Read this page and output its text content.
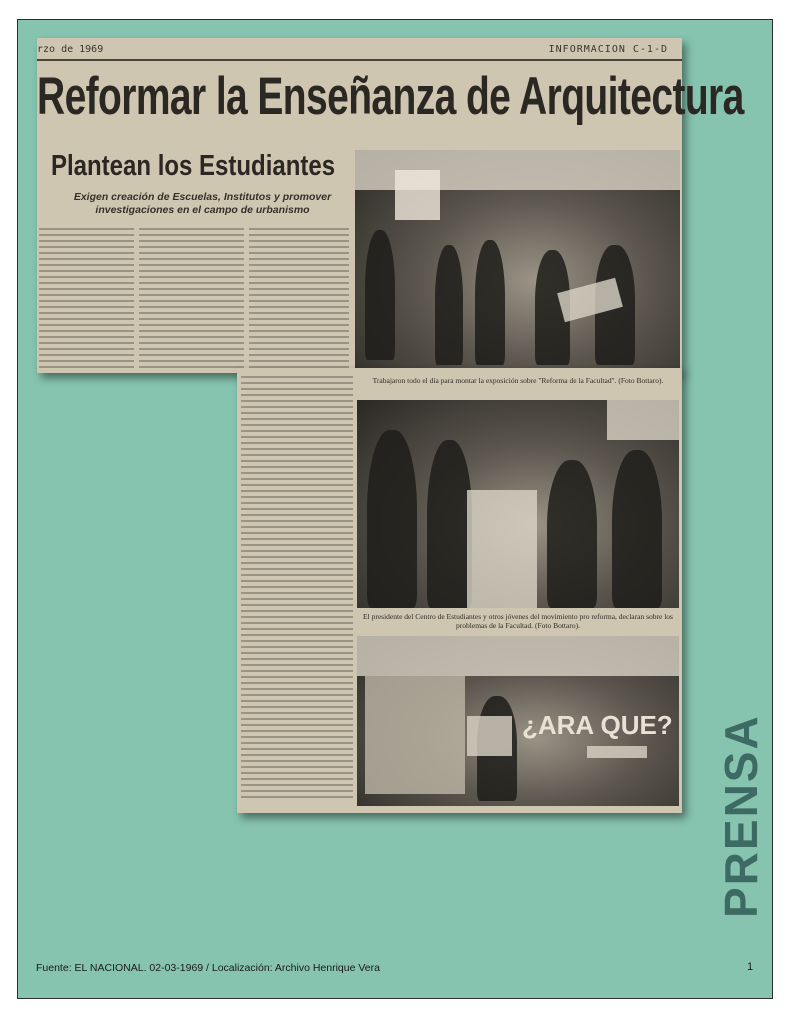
rzo de 1969	INFORMACION C-1-D
Reformar la Enseñanza de Arquitectura
Plantean los Estudiantes
Exigen creación de Escuelas, Institutos y promover investigaciones en el campo de urbanismo
Trabajaron todo el día para montar la exposición sobre "Reforma de la Facultad". (Foto Bottaro).
El presidente del Centro de Estudiantes y otros jóvenes del movimiento pro reforma, declaran sobre los problemas de la Facultad. (Foto Bottaro).
¿ARA QUE? PRENSA
Fuente: EL NACIONAL. 02-03-1969 / Localización: Archivo Henrique Vera	1
